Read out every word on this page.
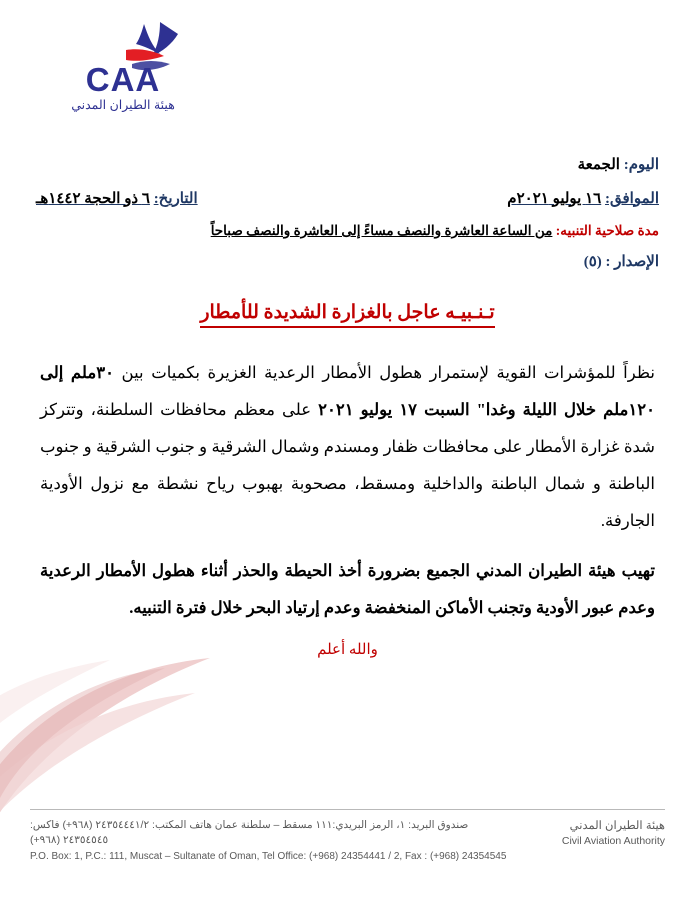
CAA
هيئة الطيران المدني
اليوم: الجمعة
الموافق: ١٦ يوليو ٢٠٢١م
التاريخ: ٦ ذو الحجة ١٤٤٢هـ
مدة صلاحية التنبيه: من الساعة العاشرة والنصف مساءً إلى العاشرة والنصف صباحاً
الإصدار : (٥)
تـنـبيـه عاجل بالغزارة الشديدة للأمطار

نظراً للمؤشرات القوية لإستمرار هطول الأمطار الرعدية الغزيرة بكميات بين ٣٠ملم إلى ١٢٠ملم خلال الليلة وغدا" السبت ١٧ يوليو ٢٠٢١ على معظم محافظات السلطنة، وتتركز شدة غزارة الأمطار على محافظات ظفار ومسندم وشمال الشرقية و جنوب الشرقية و جنوب الباطنة و شمال الباطنة والداخلية ومسقط، مصحوبة بهبوب رياح نشطة مع نزول الأودية الجارفة.

تهيب هيئة الطيران المدني الجميع بضرورة أخذ الحيطة والحذر أثناء هطول الأمطار الرعدية وعدم عبور الأودية وتجنب الأماكن المنخفضة وعدم إرتياد البحر خلال فترة التنبيه.

والله أعلم
هيئة الطيران المدني
Civil Aviation Authority
صندوق البريد: ١، الرمز البريدي:١١١ مسقط – سلطنة عمان هاتف المكتب: ٢٤٣٥٤٤٤١/٢ (٩٦٨+) فاكس: ٢٤٣٥٤٥٤٥ (٩٦٨+)
P.O. Box: 1, P.C.: 111, Muscat – Sultanate of Oman, Tel Office: (+968) 24354441 / 2, Fax : (+968) 24354545
